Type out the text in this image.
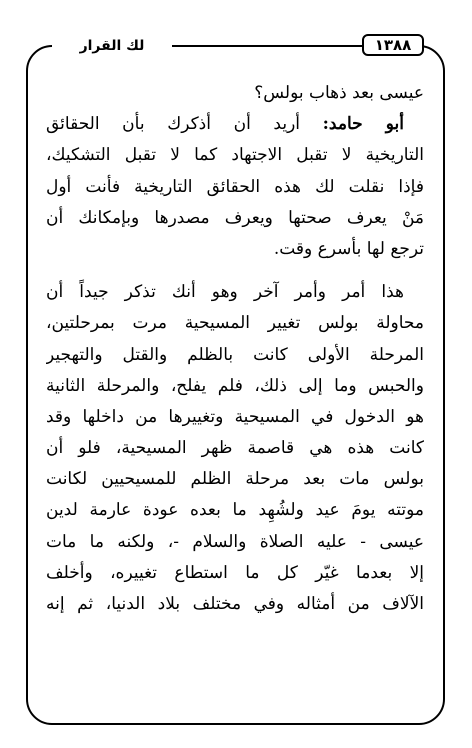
١٣٨٨
لك القرار
عيسى بعد ذهاب بولس؟
أبو حامد: أريد أن أذكرك بأن الحقائق
التاريخية لا تقبل الاجتهاد كما لا تقبل التشكيك،
فإذا نقلت لك هذه الحقائق التاريخية فأنت أول
مَنْ يعرف صحتها ويعرف مصدرها وبإمكانك أن
ترجع لها بأسرع وقت.
هذا أمر وأمر آخر وهو أنك تذكر جيداً أن
محاولة بولس تغيير المسيحية مرت بمرحلتين،
المرحلة الأولى كانت بالظلم والقتل والتهجير
والحبس وما إلى ذلك، فلم يفلح، والمرحلة الثانية
هو الدخول في المسيحية وتغييرها من داخلها وقد
كانت هذه هي قاصمة ظهر المسيحية، فلو أن
بولس مات بعد مرحلة الظلم للمسيحيين لكانت
موتته يومَ عيد ولشُهِد ما بعده عودة عارمة لدين
عيسى - عليه الصلاة والسلام -، ولكنه ما مات
إلا بعدما غيّر كل ما استطاع تغييره، وأخلف
الآلاف من أمثاله وفي مختلف بلاد الدنيا، ثم إنه
